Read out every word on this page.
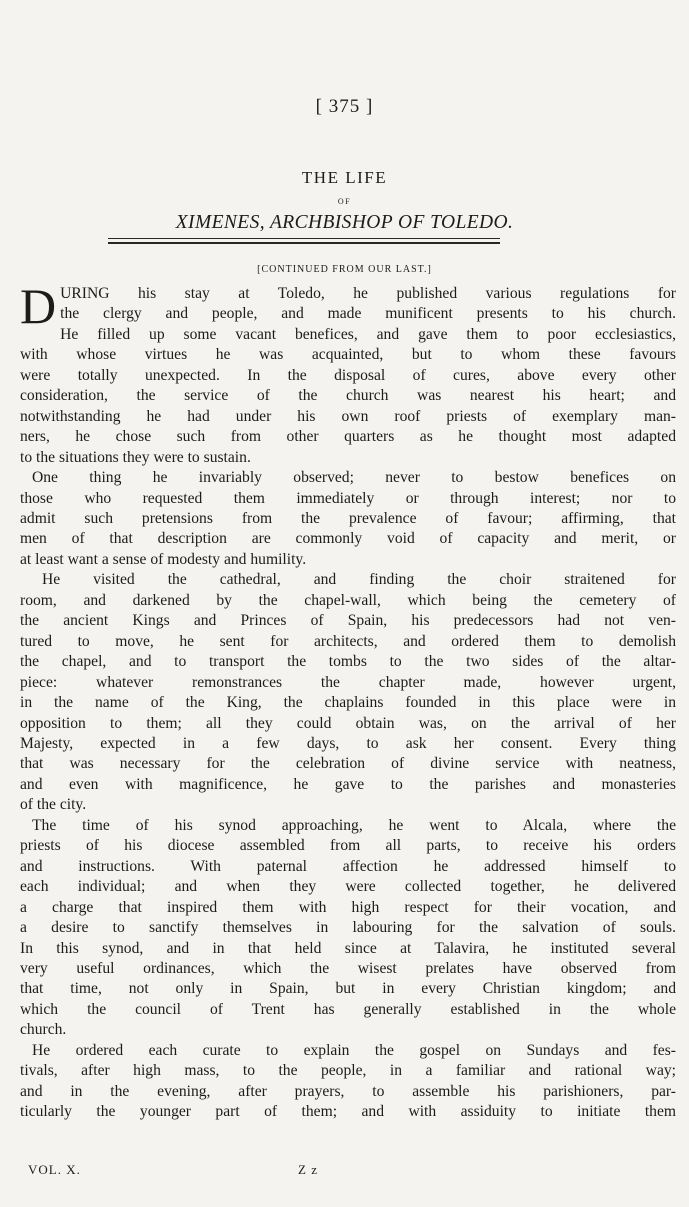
[ 375 ]
THE LIFE
OF
XIMENES, ARCHBISHOP OF TOLEDO.
[CONTINUED FROM OUR LAST.]
D URING his stay at Toledo, he published various regulations for
the clergy and people, and made munificent presents to his church.
He filled up some vacant benefices, and gave them to poor ecclesiastics,
with whose virtues he was acquainted, but to whom these favours
were totally unexpected. In the disposal of cures, above every other
consideration, the service of the church was nearest his heart; and
notwithstanding he had under his own roof priests of exemplary man-
ners, he chose such from other quarters as he thought most adapted
to the situations they were to sustain.
One thing he invariably observed; never to bestow benefices on
those who requested them immediately or through interest; nor to
admit such pretensions from the prevalence of favour; affirming, that
men of that description are commonly void of capacity and merit, or
at least want a sense of modesty and humility.
He visited the cathedral, and finding the choir straitened for
room, and darkened by the chapel-wall, which being the cemetery of
the ancient Kings and Princes of Spain, his predecessors had not ven-
tured to move, he sent for architects, and ordered them to demolish
the chapel, and to transport the tombs to the two sides of the altar-
piece: whatever remonstrances the chapter made, however urgent,
in the name of the King, the chaplains founded in this place were in
opposition to them; all they could obtain was, on the arrival of her
Majesty, expected in a few days, to ask her consent. Every thing
that was necessary for the celebration of divine service with neatness,
and even with magnificence, he gave to the parishes and monasteries
of the city.
The time of his synod approaching, he went to Alcala, where the
priests of his diocese assembled from all parts, to receive his orders
and instructions. With paternal affection he addressed himself to
each individual; and when they were collected together, he delivered
a charge that inspired them with high respect for their vocation, and
a desire to sanctify themselves in labouring for the salvation of souls.
In this synod, and in that held since at Talavira, he instituted several
very useful ordinances, which the wisest prelates have observed from
that time, not only in Spain, but in every Christian kingdom; and
which the council of Trent has generally established in the whole
church.
He ordered each curate to explain the gospel on Sundays and fes-
tivals, after high mass, to the people, in a familiar and rational way;
and in the evening, after prayers, to assemble his parishioners, par-
ticularly the younger part of them; and with assiduity to initiate them
VOL. X.	Z z
